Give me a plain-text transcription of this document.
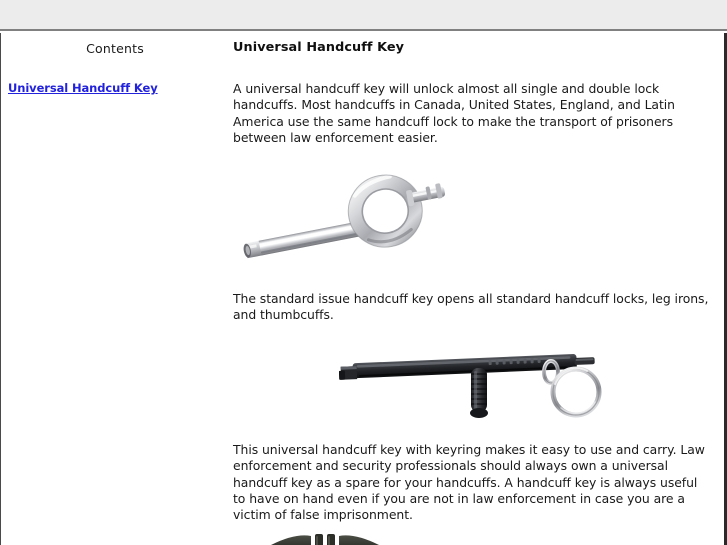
Contents
Universal Handcuff Key
Universal Handcuff Key
A universal handcuff key will unlock almost all single and double lock handcuffs. Most handcuffs in Canada, United States, England, and Latin America use the same handcuff lock to make the transport of prisoners between law enforcement easier.
The standard issue handcuff key opens all standard handcuff locks, leg irons, and thumbcuffs.
This universal handcuff key with keyring makes it easy to use and carry. Law enforcement and security professionals should always own a universal handcuff key as a spare for your handcuffs. A handcuff key is always useful to have on hand even if you are not in law enforcement in case you are a victim of false imprisonment.
